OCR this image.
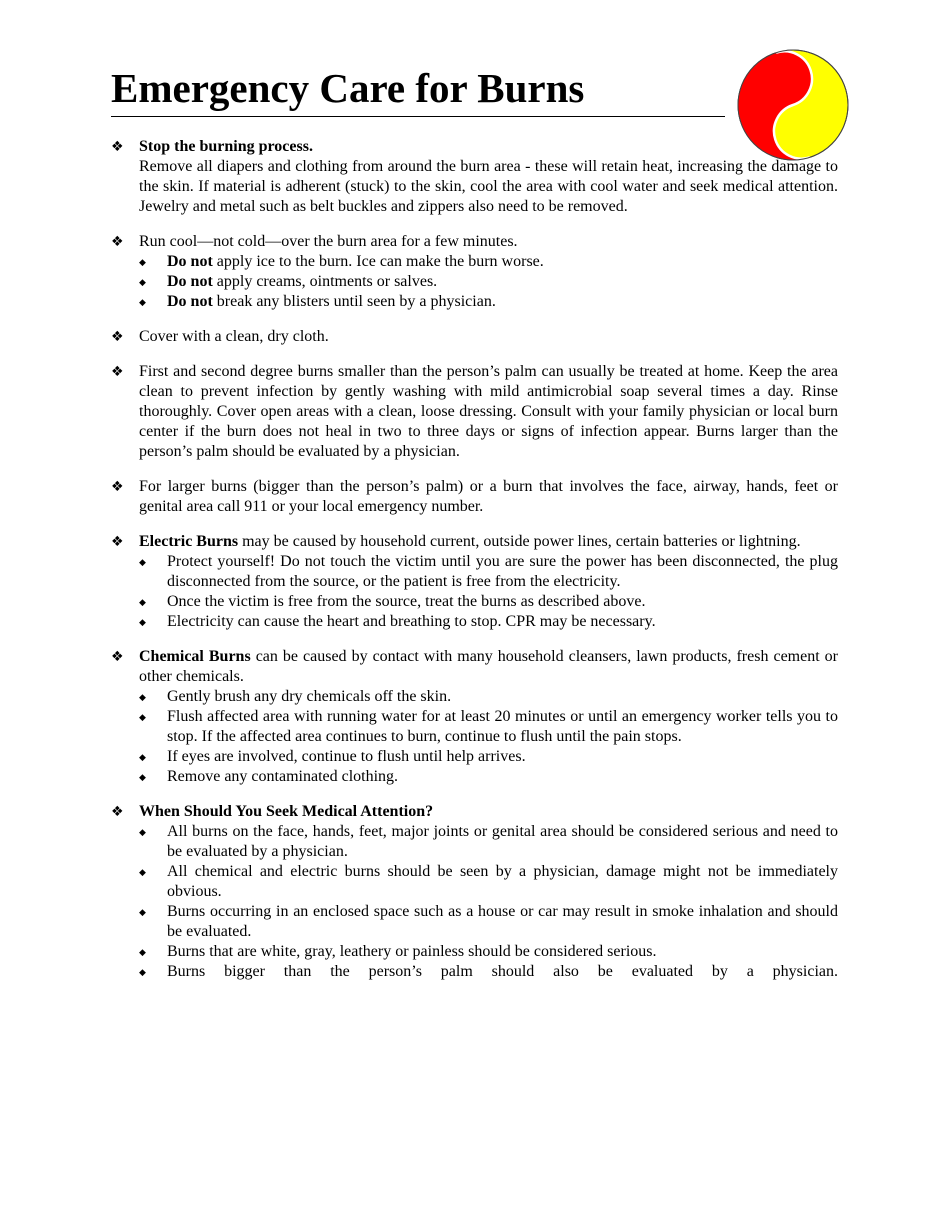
Emergency Care for Burns
❖ Stop the burning process.
Remove all diapers and clothing from around the burn area - these will retain heat, increasing the damage to the skin. If material is adherent (stuck) to the skin, cool the area with cool water and seek medical attention. Jewelry and metal such as belt buckles and zippers also need to be removed.
❖ Run cool—not cold—over the burn area for a few minutes.
◆	Do not apply ice to the burn. Ice can make the burn worse.
◆	Do not apply creams, ointments or salves.
◆	Do not break any blisters until seen by a physician.
❖ Cover with a clean, dry cloth.
❖ First and second degree burns smaller than the person’s palm can usually be treated at home. Keep the area clean to prevent infection by gently washing with mild antimicrobial soap several times a day. Rinse thoroughly. Cover open areas with a clean, loose dressing. Consult with your family physician or local burn center if the burn does not heal in two to three days or signs of infection appear. Burns larger than the person’s palm should be evaluated by a physician.
❖ For larger burns (bigger than the person’s palm) or a burn that involves the face, airway, hands, feet or genital area call 911 or your local emergency number.
❖ Electric Burns may be caused by household current, outside power lines, certain batteries or lightning.
◆	Protect yourself! Do not touch the victim until you are sure the power has been disconnected, the plug disconnected from the source, or the patient is free from the electricity.
◆	Once the victim is free from the source, treat the burns as described above.
◆	Electricity can cause the heart and breathing to stop. CPR may be necessary.
❖ Chemical Burns can be caused by contact with many household cleansers, lawn products, fresh cement or other chemicals.
◆	Gently brush any dry chemicals off the skin.
◆	Flush affected area with running water for at least 20 minutes or until an emergency worker tells you to stop. If the affected area continues to burn, continue to flush until the pain stops.
◆	If eyes are involved, continue to flush until help arrives.
◆	Remove any contaminated clothing.
❖ When Should You Seek Medical Attention?
◆	All burns on the face, hands, feet, major joints or genital area should be considered serious and need to be evaluated by a physician.
◆	All chemical and electric burns should be seen by a physician, damage might not be immediately obvious.
◆	Burns occurring in an enclosed space such as a house or car may result in smoke inhalation and should be evaluated.
◆	Burns that are white, gray, leathery or painless should be considered serious.
◆	Burns bigger than the person’s palm should also be evaluated by a physician.
